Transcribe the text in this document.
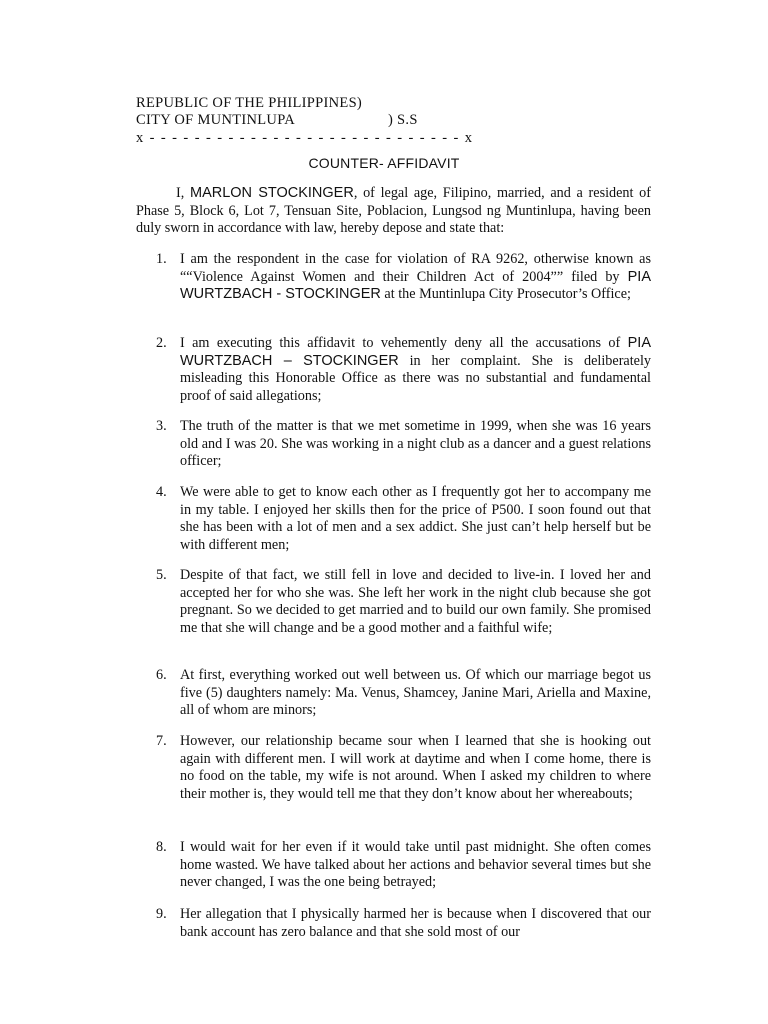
REPUBLIC OF THE PHILIPPINES)
CITY OF MUNTINLUPA	) S.S
x - - - - - - - - - - - - - - - - - - - - - - - - - - - - x
COUNTER- AFFIDAVIT

I, MARLON STOCKINGER, of legal age, Filipino, married, and a resident of Phase 5, Block 6, Lot 7, Tensuan Site, Poblacion, Lungsod ng Muntinlupa, having been duly sworn in accordance with law, hereby depose and state that:

1. I am the respondent in the case for violation of RA 9262, otherwise known as ““Violence Against Women and their Children Act of 2004”” filed by PIA WURTZBACH - STOCKINGER at the Muntinlupa City Prosecutor’s Office;
2. I am executing this affidavit to vehemently deny all the accusations of PIA WURTZBACH – STOCKINGER in her complaint. She is deliberately misleading this Honorable Office as there was no substantial and fundamental proof of said allegations;
3. The truth of the matter is that we met sometime in 1999, when she was 16 years old and I was 20. She was working in a night club as a dancer and a guest relations officer;
4. We were able to get to know each other as I frequently got her to accompany me in my table. I enjoyed her skills then for the price of P500. I soon found out that she has been with a lot of men and a sex addict. She just can’t help herself but be with different men;
5. Despite of that fact, we still fell in love and decided to live-in. I loved her and accepted her for who she was. She left her work in the night club because she got pregnant. So we decided to get married and to build our own family. She promised me that she will change and be a good mother and a faithful wife;
6. At first, everything worked out well between us. Of which our marriage begot us five (5) daughters namely: Ma. Venus, Shamcey, Janine Mari, Ariella and Maxine, all of whom are minors;
7. However, our relationship became sour when I learned that she is hooking out again with different men. I will work at daytime and when I come home, there is no food on the table, my wife is not around. When I asked my children to where their mother is, they would tell me that they don’t know about her whereabouts;
8. I would wait for her even if it would take until past midnight. She often comes home wasted. We have talked about her actions and behavior several times but she never changed, I was the one being betrayed;
9. Her allegation that I physically harmed her is because when I discovered that our bank account has zero balance and that she sold most of our
